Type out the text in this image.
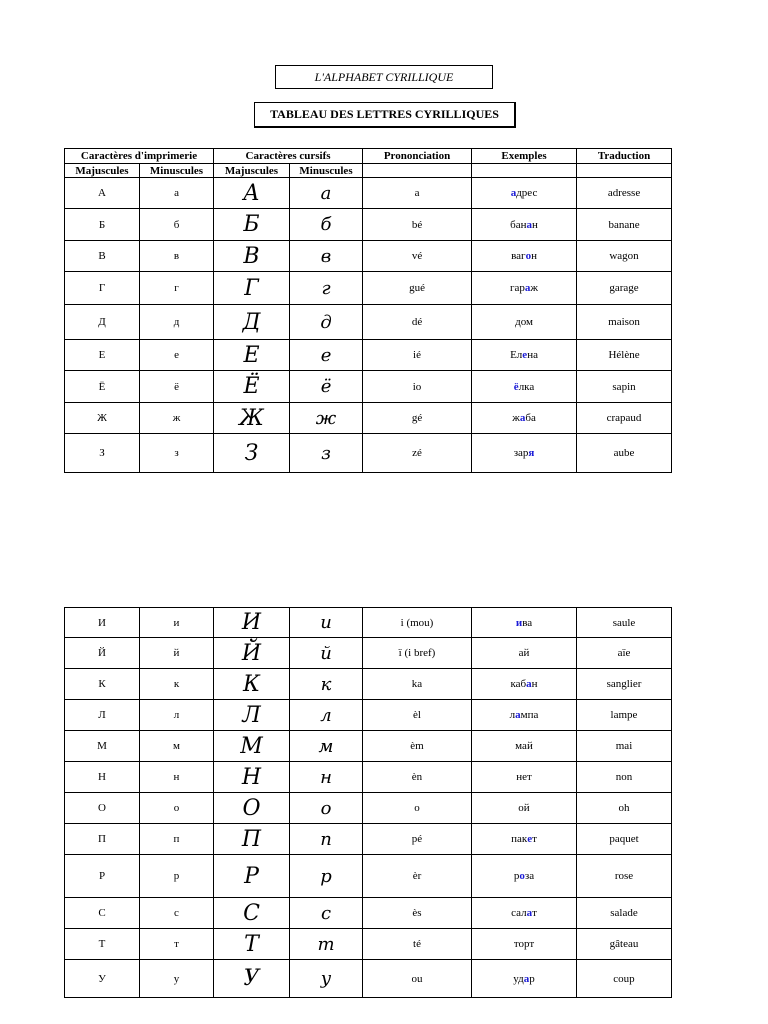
L'ALPHABET CYRILLIQUE
TABLEAU DES LETTRES CYRILLIQUES
Caractères d'imprimerie		Caractères cursifs		Prononciation	Exemples	Traduction
Majuscules	Minuscules	Majuscules	Minuscules			
А	а	А	а	a	адрес	adresse
Б	б	Б	б	bé	банан	banane
В	в	В	в	vé	вагон	wagon
Г	г	Г	г	gué	гараж	garage
Д	д	Д	д	dé	дом	maison
Е	е	Е	е	ié	Елена	Hélène
Ё	ё	Ё	ё	io	ёлка	sapin
Ж	ж	Ж	ж	gé	жаба	crapaud
З	з	З	з	zé	заря	aube
И	и	И	и	i (mou)	ива	saule
Й	й	Й	й	ï (i bref)	ай	aïe
К	к	К	к	ka	кабан	sanglier
Л	л	Л	л	èl	лампа	lampe
М	м	М	м	èm	май	mai
Н	н	Н	н	èn	нет	non
О	о	О	о	o	ой	oh
П	п	П	п	pé	пакет	paquet
Р	р	Р	р	èr	роза	rose
С	с	С	с	ès	салат	salade
Т	т	Т	т	té	торт	gâteau
У	у	У	у	ou	удар	coup
